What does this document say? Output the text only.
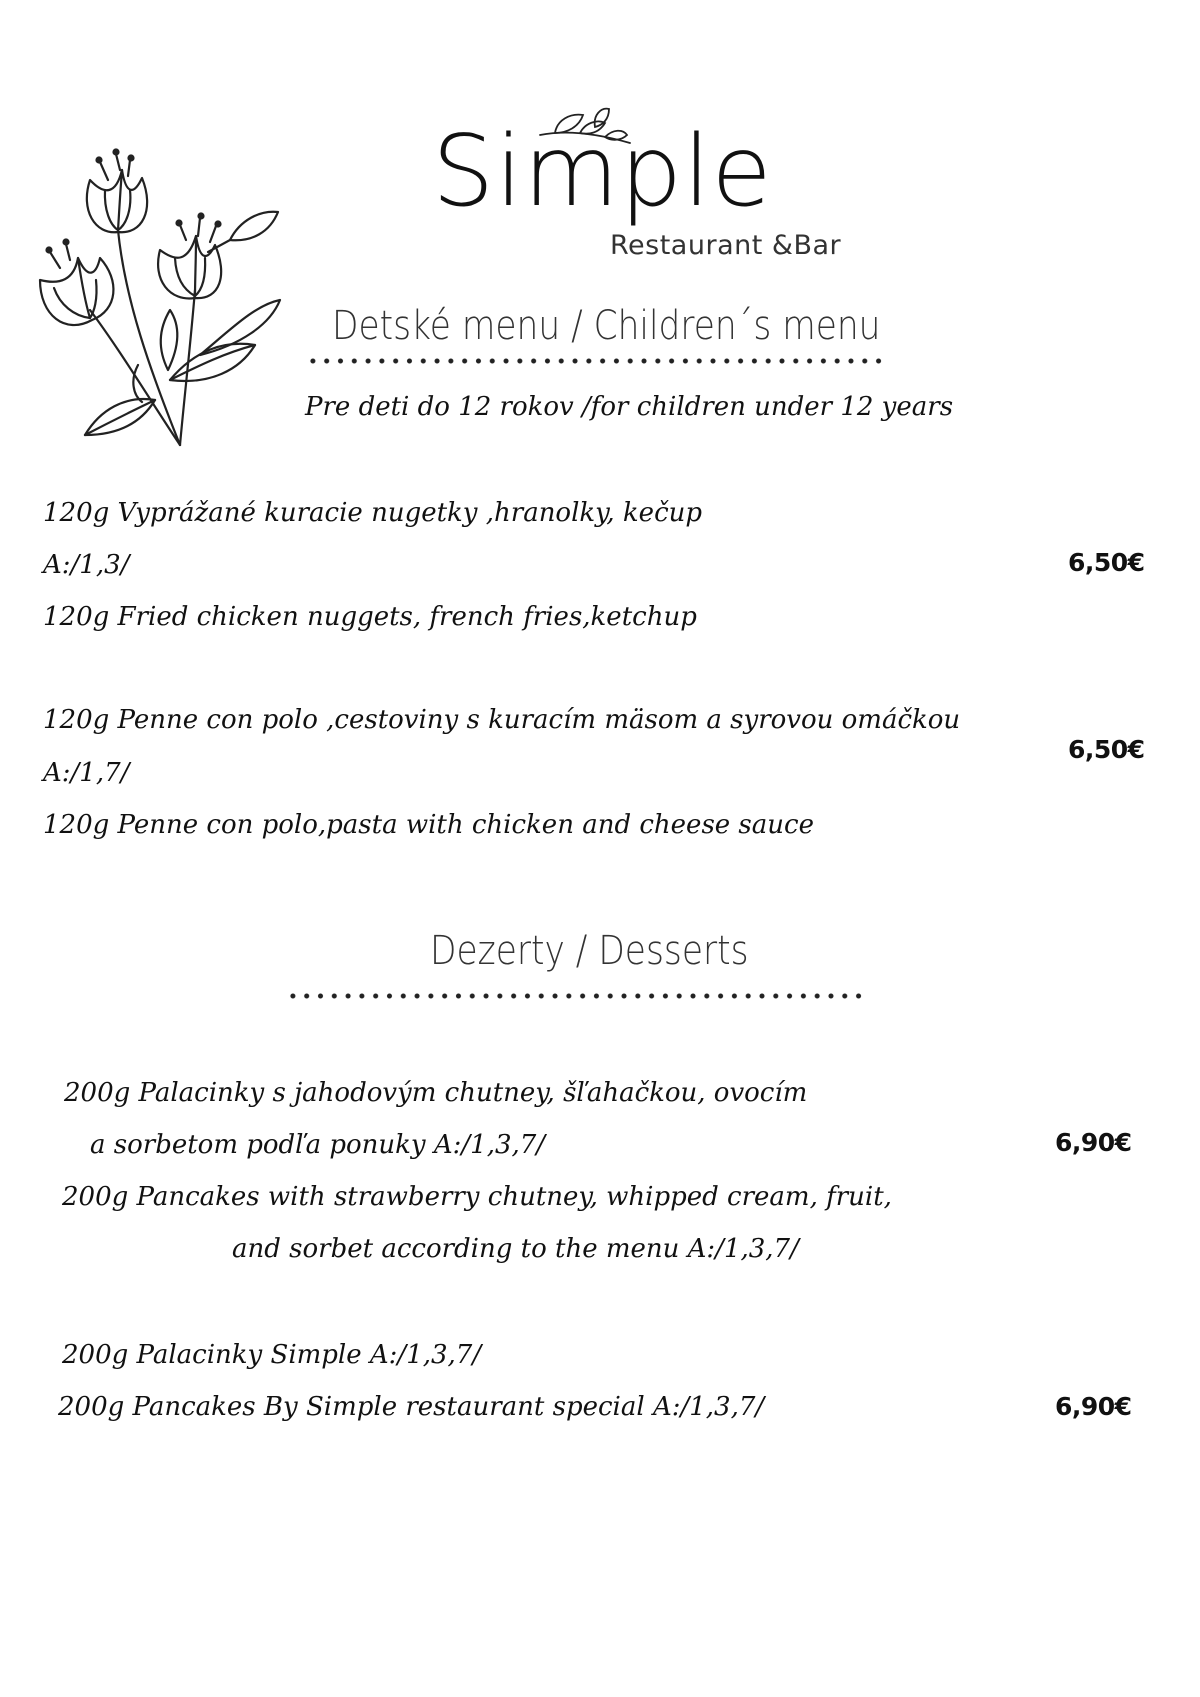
Simple
Restaurant &Bar
Detské menu / Children´s menu
Pre deti do 12 rokov /for children under 12 years
120g Vyprážané kuracie nugetky ,hranolky, kečup
A:/1,3/
120g Fried chicken nuggets, french fries,ketchup
6,50€
120g Penne con polo ,cestoviny s kuracím mäsom a syrovou omáčkou
A:/1,7/
120g Penne con polo,pasta with chicken and cheese sauce
6,50€
Dezerty / Desserts
200g Palacinky s jahodovým chutney, šľahačkou, ovocím
a sorbetom podľa ponuky A:/1,3,7/
200g Pancakes with strawberry chutney, whipped cream, fruit,
and sorbet according to the menu A:/1,3,7/
6,90€
200g Palacinky Simple A:/1,3,7/
200g Pancakes By Simple restaurant special A:/1,3,7/	6,90€
